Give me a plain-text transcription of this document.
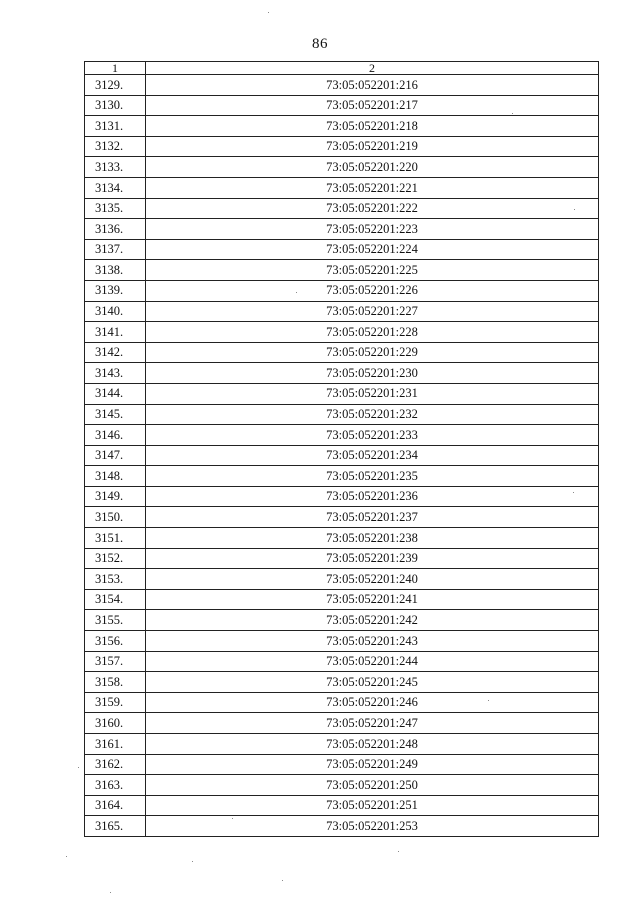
86
1	2
3129.	73:05:052201:216
3130.	73:05:052201:217
3131.	73:05:052201:218
3132.	73:05:052201:219
3133.	73:05:052201:220
3134.	73:05:052201:221
3135.	73:05:052201:222
3136.	73:05:052201:223
3137.	73:05:052201:224
3138.	73:05:052201:225
3139.	73:05:052201:226
3140.	73:05:052201:227
3141.	73:05:052201:228
3142.	73:05:052201:229
3143.	73:05:052201:230
3144.	73:05:052201:231
3145.	73:05:052201:232
3146.	73:05:052201:233
3147.	73:05:052201:234
3148.	73:05:052201:235
3149.	73:05:052201:236
3150.	73:05:052201:237
3151.	73:05:052201:238
3152.	73:05:052201:239
3153.	73:05:052201:240
3154.	73:05:052201:241
3155.	73:05:052201:242
3156.	73:05:052201:243
3157.	73:05:052201:244
3158.	73:05:052201:245
3159.	73:05:052201:246
3160.	73:05:052201:247
3161.	73:05:052201:248
3162.	73:05:052201:249
3163.	73:05:052201:250
3164.	73:05:052201:251
3165.	73:05:052201:253
